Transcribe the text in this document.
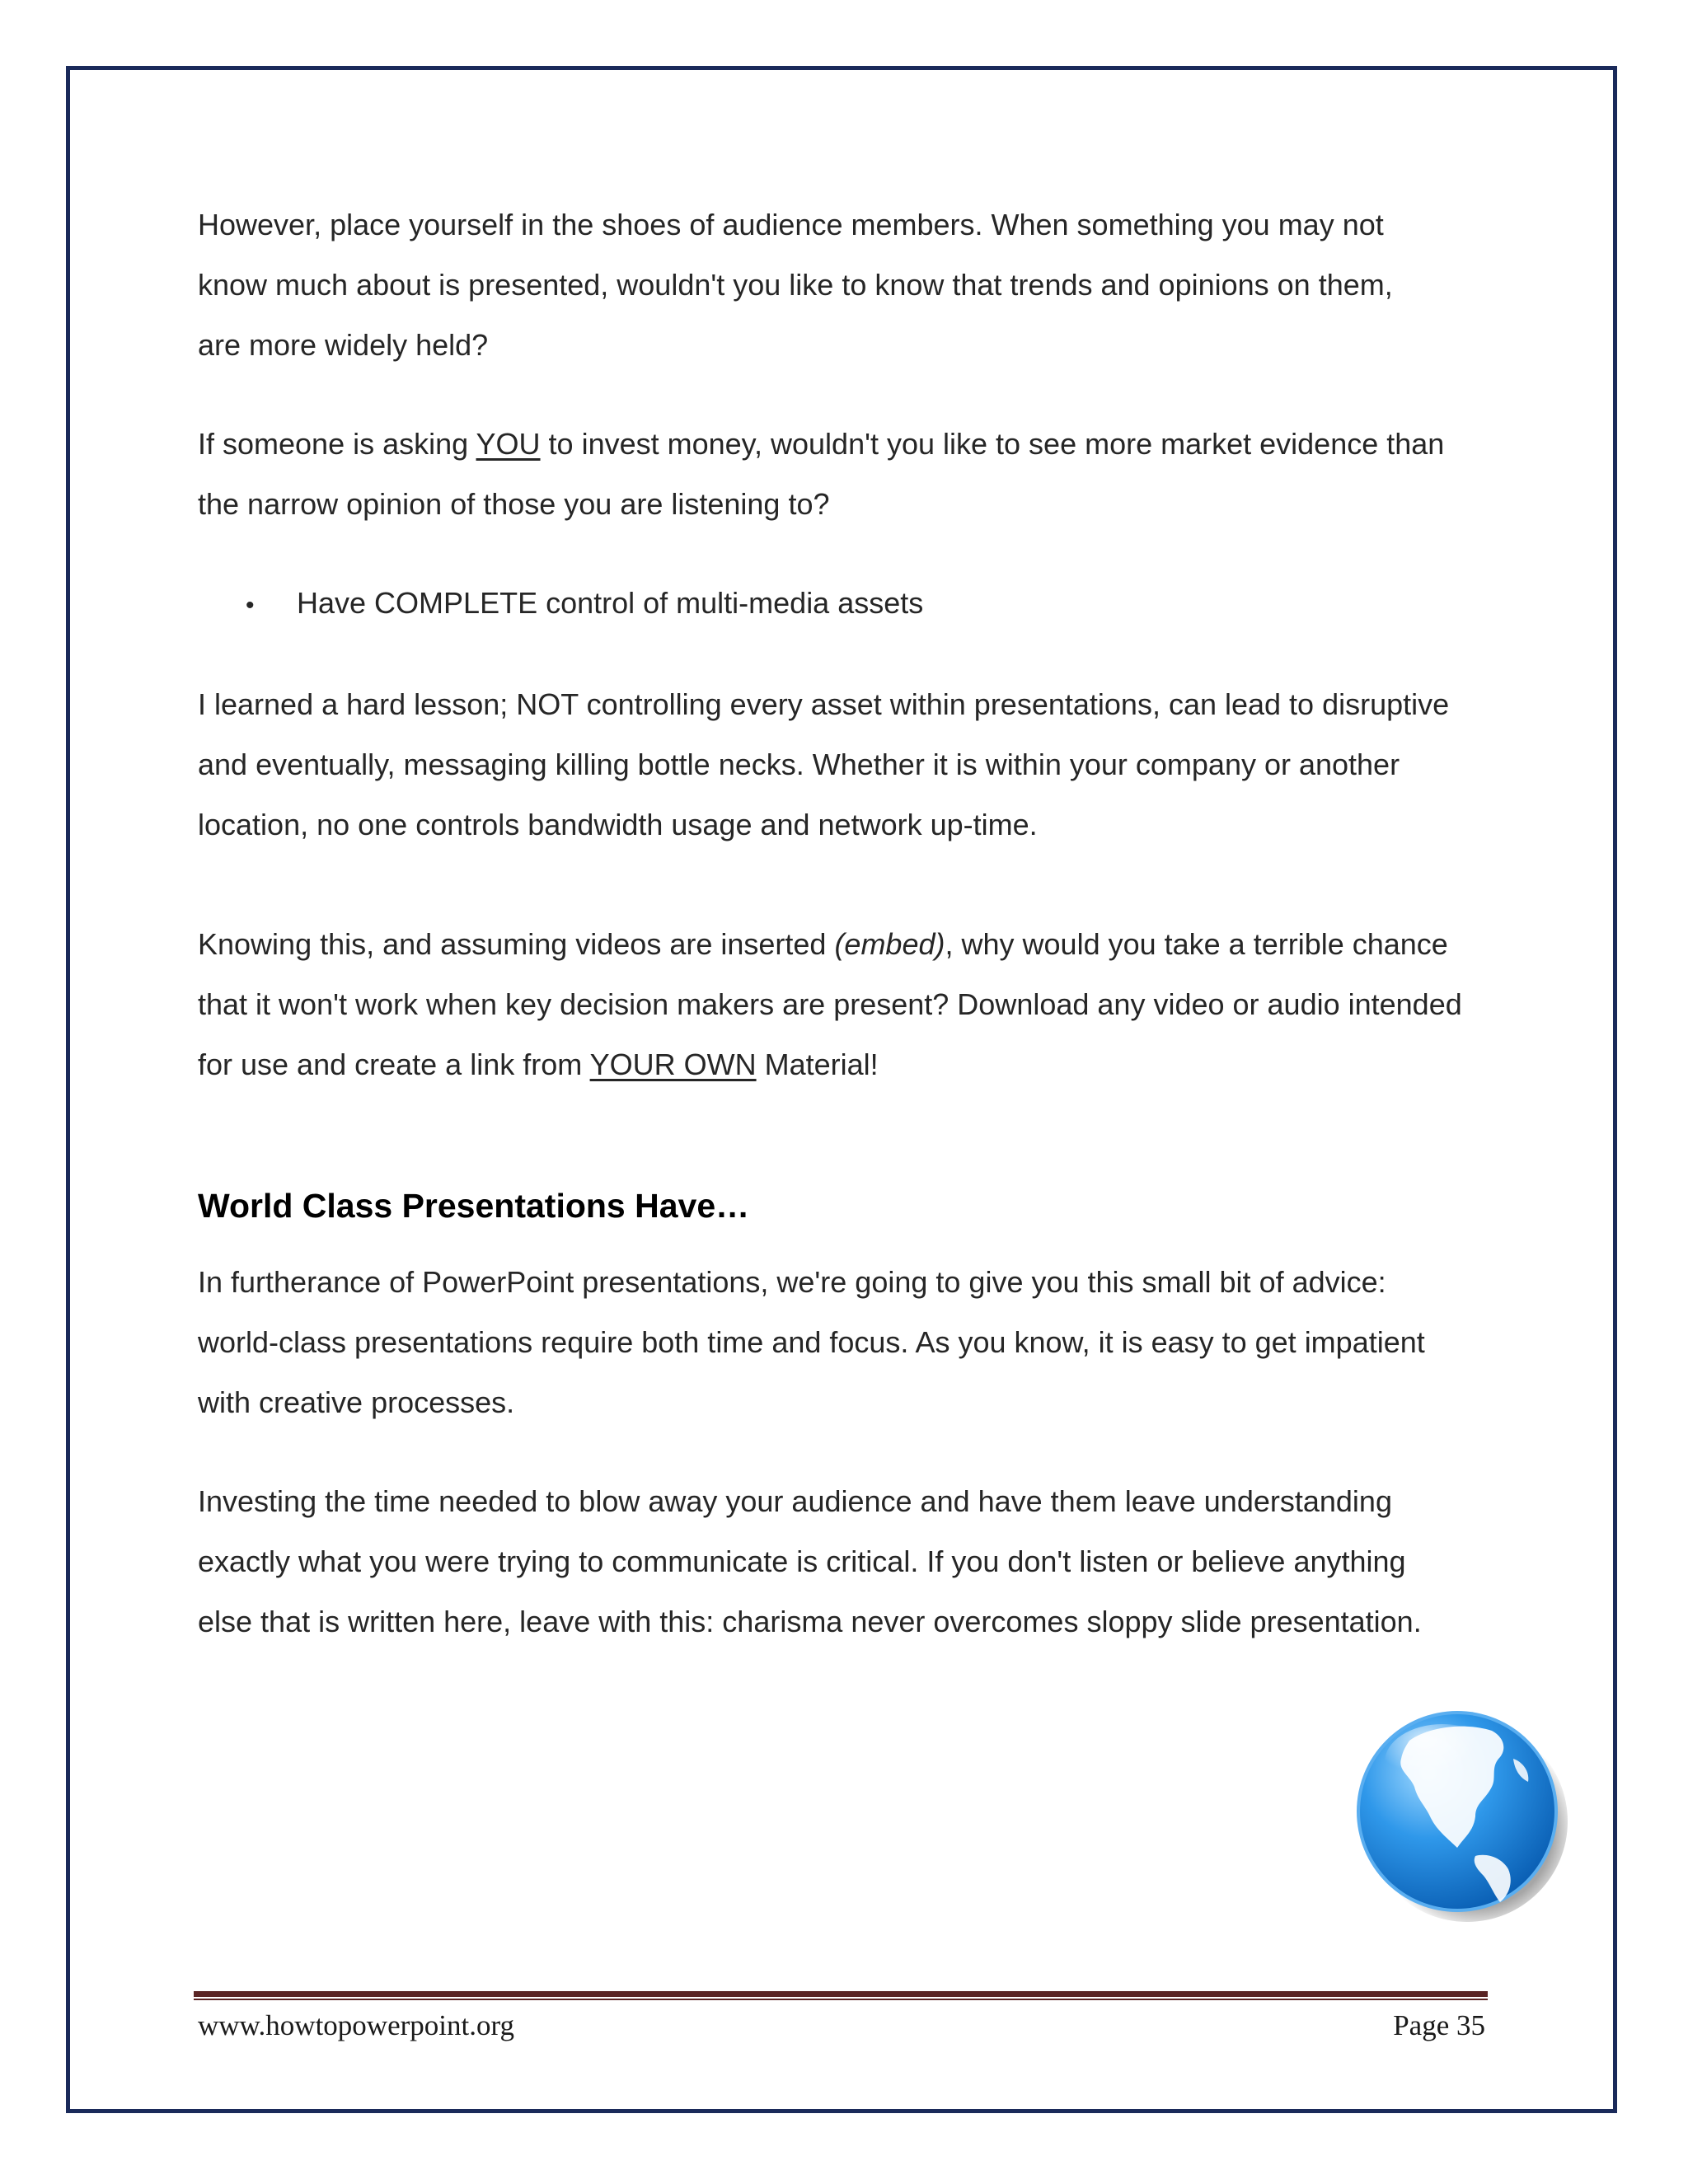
However, place yourself in the shoes of audience members. When something you may not know much about is presented, wouldn't you like to know that trends and opinions on them, are more widely held?

If someone is asking YOU to invest money, wouldn't you like to see more market evidence than the narrow opinion of those you are listening to?

•	Have COMPLETE control of multi-media assets

I learned a hard lesson; NOT controlling every asset within presentations, can lead to disruptive and eventually, messaging killing bottle necks. Whether it is within your company or another location, no one controls bandwidth usage and network up-time.

Knowing this, and assuming videos are inserted (embed), why would you take a terrible chance that it won't work when key decision makers are present? Download any video or audio intended for use and create a link from YOUR OWN Material!

World Class Presentations Have…

In furtherance of PowerPoint presentations, we're going to give you this small bit of advice: world-class presentations require both time and focus. As you know, it is easy to get impatient with creative processes.

Investing the time needed to blow away your audience and have them leave understanding exactly what you were trying to communicate is critical. If you don't listen or believe anything else that is written here, leave with this: charisma never overcomes sloppy slide presentation.

www.howtopowerpoint.org	Page 35
